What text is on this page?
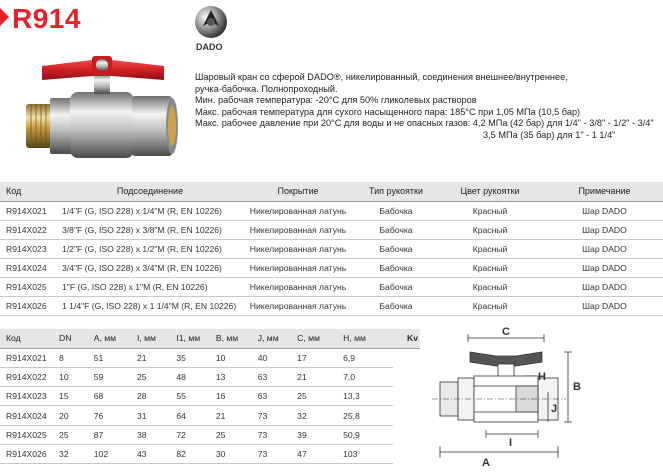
R914
DADO
Шаровый кран со сферой DADO®, никелированный, соединения внешнее/внутреннее,
ручка-бабочка. Полнопроходный.
Мин. рабочая температура: -20°C для 50% гликолевых растворов
Макс. рабочая температура для сухого насыщенного пара: 185°C при 1,05 МПа (10,5 бар)
Макс. рабочее давление при 20°C для воды и не опасных газов: 4,2 МПа (42 бар) для 1/4" - 3/8" - 1/2" - 3/4"
3,5 МПа (35 бар) для 1" - 1 1/4"
Код	Подсоединение	Покрытие	Тип рукоятки	Цвет рукоятки	Примечание
R914X021	1/4"F (G, ISO 228) x 1/4"M (R, EN 10226)	Никелированная латунь	Бабочка	Красный	Шар DADO
R914X022	3/8"F (G, ISO 228) x 3/8"M (R, EN 10226)	Никелированная латунь	Бабочка	Красный	Шар DADO
R914X023	1/2"F (G, ISO 228) x 1/2"M (R, EN 10226)	Никелированная латунь	Бабочка	Красный	Шар DADO
R914X024	3/4"F (G, ISO 228) x 3/4"M (R, EN 10226)	Никелированная латунь	Бабочка	Красный	Шар DADO
R914X025	1"F (G, ISO 228) x 1"M (R, EN 10226)	Никелированная латунь	Бабочка	Красный	Шар DADO
R914X026	1 1/4"F (G, ISO 228) x 1 1/4"M (R, EN 10226)	Никелированная латунь	Бабочка	Красный	Шар DADO
Код	DN	A, мм	I, мм	I1, мм	B, мм	J, мм	C, мм	H, мм	Kv
R914X021	8	51	21	35	10	40	17	6,9	
R914X022	10	59	25	48	13	63	21	7,0	
R914X023	15	68	28	55	16	63	25	13,3	
R914X024	20	76	31	64	21	73	32	25,8	
R914X025	25	87	38	72	25	73	39	50,9	
R914X026	32	102	43	82	30	73	47	103	
C
H
B
J
I
A
